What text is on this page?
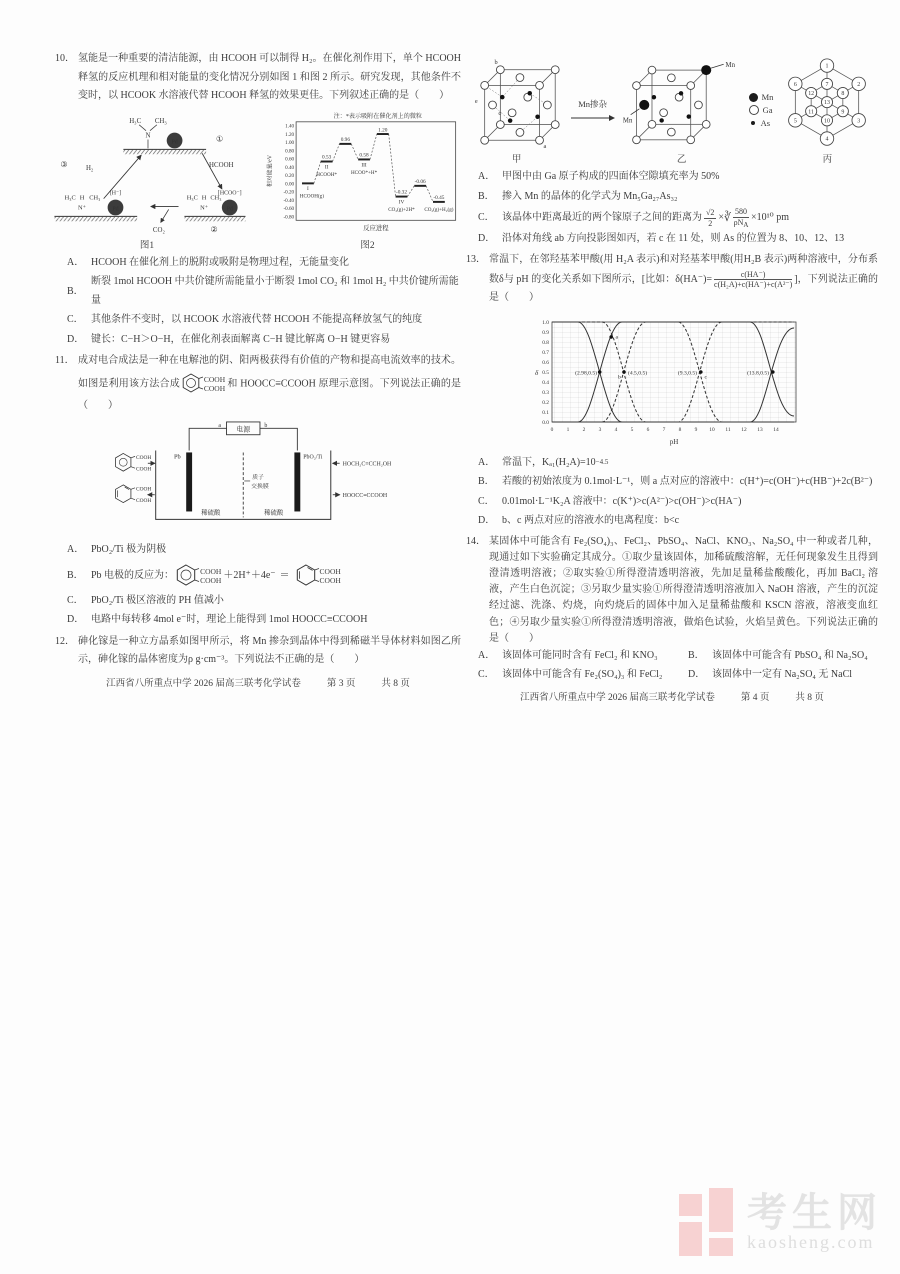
10． 氢能是一种重要的清洁能源，由 HCOOH 可以制得 H₂。在催化剂作用下，单个 HCOOH 释氢的反应机理和相对能量的变化情况分别如图 1 和图 2 所示。研究发现，其他条件不变时，以 HCOOK 水溶液代替 HCOOH 释氢的效果更佳。下列叙述正确的是（　　）
H₃C CH₃
N
Pd	①
HCOOH
H₃C H CH₃
N⁺	Pd
[HCOO⁻]
②
CO₂
H₃C H CH₃
N⁺	Pd
[H⁻]
③	H₂
图1
注：*表示吸附在催化剂上的微粒
相对能量/eV
1.40
1.20
1.00
0.80
0.60
0.40
0.20
0.00
-0.20
-0.40
-0.60
-0.80
0.53
0.96
0.58
1.20
-0.32
-0.06
-0.45
I
II	III
IV
HCOOH(g)
HCOOH*	HCOO*+H*
CO₂(g)+2H* CO₂(g)+H₂(g)
反应进程
图2
A． HCOOH 在催化剂上的脱附或吸附是物理过程，无能量变化
B．
断裂 1mol HCOOH 中共价键所需能量小于断裂 1mol CO₂ 和 1mol H₂ 中共价键所需能量
C． 其他条件不变时，以 HCOOK 水溶液代替 HCOOH 不能提高释放氢气的纯度
D． 键长：C−H＞O−H，在催化剂表面解离 C−H 键比解离 O−H 键更容易
11． 成对电合成法是一种在电解池的阴、阳两极获得有价值的产物和提高电流效率的技术。如图是利用该方法合成	COOH
COOH 和 HOOCC≡CCOOH 原理示意图。下列说法正确的是（　　）
电源
a	b
Pb	PbO₂/Ti
质子
交换膜
稀硫酸	稀硫酸
COOH
COOH
COOH
COOH
HOCH₂C≡CCH₂OH
HOOCC≡CCOOH
A． PbO₂/Ti 极为阴极
B． Pb 电极的反应为：	COOH
COOH ＋2H⁺＋4e⁻ ＝	COOH
COOH
C． PbO₂/Ti 极区溶液的 PH 值减小
D． 电路中每转移 4mol e⁻时，理论上能得到 1mol HOOCC≡CCOOH
12． 砷化镓是一种立方晶系如图甲所示，将 Mn 掺杂到晶体中得到稀磁半导体材料如图乙所示，砷化镓的晶体密度为ρ g·cm⁻³。下列说法不正确的是（　　）
江西省八所重点中学 2026 届高三联考化学试卷	第 3 页	共 8 页
b
e
c
a
甲
Mn掺杂
Mn
Mn
乙
Mn
Ga
As
1
2
3
4
5
6	7
8
9
10
11
12
13
丙
A． 甲图中由 Ga 原子构成的四面体空隙填充率为 50%
B． 掺入 Mn 的晶体的化学式为 Mn₅Ga₂₇As₃₂
C． 该晶体中距离最近的两个镓原子之间的距离为 $\frac{√2}{2}$ × ∛ $\frac{580}{\text{ρNA}} \times 10^{10}$ pm
D． 沿体对角线 ab 方向投影图如丙，若 c 在 11 处，则 As 的位置为 8、10、12、13
13． 常温下，在邻羟基苯甲酸(用 H₂A 表示)和对羟基苯甲酸(用H₂B 表示)两种溶液中，分布系数δ与 pH 的变化关系如下图所示，[比如：$\delta(HA^-)= \frac{c(HA^-)}{\text{c(H₂A)+c(HA⁻)+c(A²⁻)}}$ ]，下列说法正确的是（　　）
δ
1.0
0.9
0.8
0.7
0.6
0.5
0.4
0.3
0.2
0.1
0.0
0 1 2 3 4 5 6 7 8 9 10 11 12 13 14
(2.98,0.5)	(4.5,0.5)
b
(9.3,0.5)
c
(13.8,0.5)
a
pH
A． 常温下，Kₐ₁(H₂A)=10 −4.5
B． 若酸的初始浓度为 0.1mol·L⁻¹，则 a 点对应的溶液中：c(H⁺)=c(OH⁻)+c(HB⁻)+2c(B²⁻)
C． 0.01mol·L⁻¹K₂A 溶液中：c(K⁺)>c(A²⁻)>c(OH⁻)>c(HA⁻)
D． b、c 两点对应的溶液水的电离程度：b<c
14． 某固体中可能含有 Fe₂(SO₄)₃、FeCl₂、PbSO₄、NaCl、KNO₃、Na₂SO₄ 中一种或者几种，现通过如下实验确定其成分。①取少量该固体，加稀硫酸溶解，无任何现象发生且得到澄清透明溶液；②取实验①所得澄清透明溶液，先加足量稀盐酸酸化，再加 BaCl₂ 溶液，产生白色沉淀；③另取少量实验①所得澄清透明溶液加入 NaOH 溶液，产生的沉淀经过滤、洗涤、灼烧，向灼烧后的固体中加入足量稀盐酸和 KSCN 溶液，溶液变血红色；④另取少量实验①所得澄清透明溶液，做焰色试验，火焰呈黄色。下列说法正确的是（　　）
A． 该固体可能同时含有 FeCl₂ 和 KNO₃	B． 该固体中可能含有 PbSO₄ 和 Na₂SO₄
C． 该固体中可能含有 Fe₂(SO₄)₃ 和 FeCl₂	D． 该固体中一定有 Na₂SO₄ 无 NaCl
江西省八所重点中学 2026 届高三联考化学试卷	第 4 页	共 8 页
考生网
kaosheng.com
